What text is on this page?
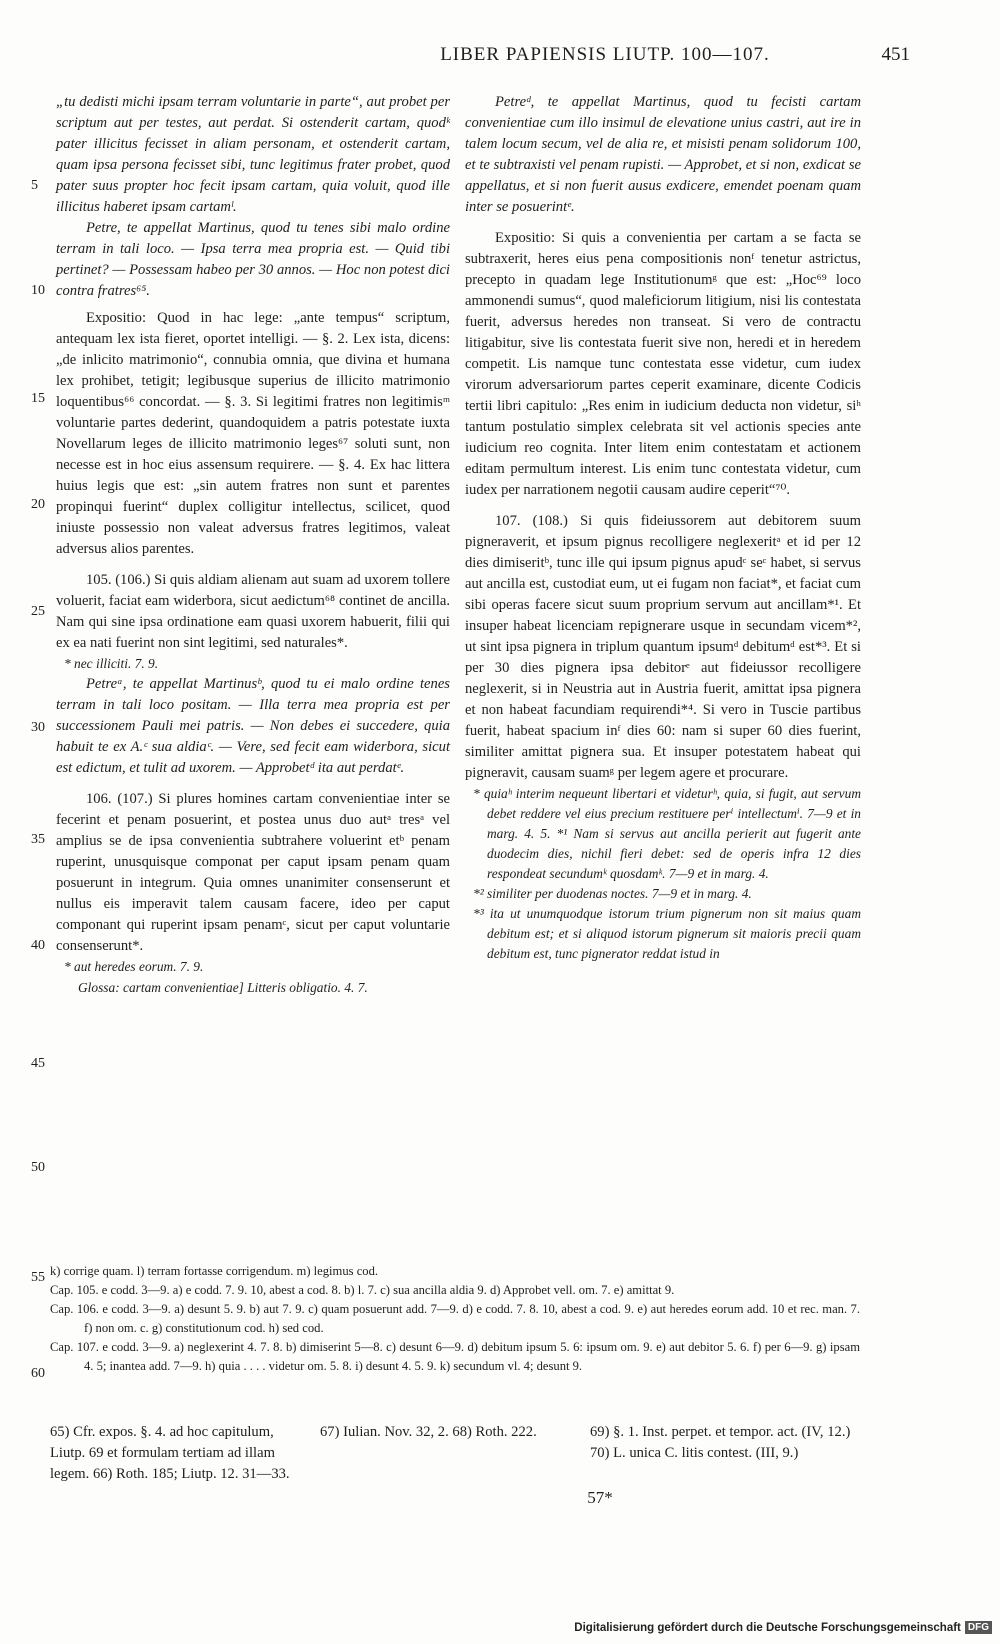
LIBER PAPIENSIS LIUTP. 100—107.	451
5
10
15
20
25
30
35
40
45
50
55
60

„tu dedisti michi ipsam terram voluntarie in parte“, aut probet per scriptum aut per testes, aut perdat. Si ostenderit cartam, quodᵏ pater illicitus fecisset in aliam personam, et ostenderit cartam, quam ipsa persona fecisset sibi, tunc legitimus frater probet, quod pater suus propter hoc fecit ipsam cartam, quia voluit, quod ille illicitus haberet ipsam cartamˡ.

Petre, te appellat Martinus, quod tu tenes sibi malo ordine terram in tali loco. — Ipsa terra mea propria est. — Quid tibi pertinet? — Possessam habeo per 30 annos. — Hoc non potest dici contra fratres⁶⁵.

Expositio: Quod in hac lege: „ante tempus“ scriptum, antequam lex ista fieret, oportet intelligi. — §. 2. Lex ista, dicens: „de inlicito matrimonio“, connubia omnia, que divina et humana lex prohibet, tetigit; legibusque superius de illicito matrimonio loquentibus⁶⁶ concordat. — §. 3. Si legitimi fratres non legitimisᵐ voluntarie partes dederint, quandoquidem a patris potestate iuxta Novellarum leges de illicito matrimonio leges⁶⁷ soluti sunt, non necesse est in hoc eius assensum requirere. — §. 4. Ex hac littera huius legis que est: „sin autem fratres non sunt et parentes propinqui fuerint“ duplex colligitur intellectus, scilicet, quod iniuste possessio non valeat adversus fratres legitimos, valeat adversus alios parentes.

105. (106.) Si quis aldiam alienam aut suam ad uxorem tollere voluerit, faciat eam widerbora, sicut aedictum⁶⁸ continet de ancilla. Nam qui sine ipsa ordinatione eam quasi uxorem habuerit, filii qui ex ea nati fuerint non sint legitimi, sed naturales*.

* nec illiciti. 7. 9.

Petreᵃ, te appellat Martinusᵇ, quod tu ei malo ordine tenes terram in tali loco positam. — Illa terra mea propria est per successionem Pauli mei patris. — Non debes ei succedere, quia habuit te ex A.ᶜ sua aldiaᶜ. — Vere, sed fecit eam widerbora, sicut est edictum, et tulit ad uxorem. — Approbetᵈ ita aut perdatᵉ.

106. (107.) Si plures homines cartam convenientiae inter se fecerint et penam posuerint, et postea unus duo autᵃ tresᵃ vel amplius se de ipsa convenientia subtrahere voluerint etᵇ penam ruperint, unusquisque componat per caput ipsam penam quam posuerunt in integrum. Quia omnes unanimiter consenserunt et nullus eis imperavit talem causam facere, ideo per caput componant qui ruperint ipsam penamᶜ, sicut per caput voluntarie consenserunt*.

* aut heredes eorum. 7. 9.

Glossa: cartam convenientiae] Litteris obligatio. 4. 7.

Petreᵈ, te appellat Martinus, quod tu fecisti cartam convenientiae cum illo insimul de elevatione unius castri, aut ire in talem locum secum, vel de alia re, et misisti penam solidorum 100, et te subtraxisti vel penam rupisti. — Approbet, et si non, exdicat se appellatus, et si non fuerit ausus exdicere, emendet poenam quam inter se posuerintᵉ.

Expositio: Si quis a convenientia per cartam a se facta se subtraxerit, heres eius pena compositionis nonᶠ tenetur astrictus, precepto in quadam lege Institutionumᵍ que est: „Hoc⁶⁹ loco ammonendi sumus“, quod maleficiorum litigium, nisi lis contestata fuerit, adversus heredes non transeat. Si vero de contractu litigabitur, sive lis contestata fuerit sive non, heredi et in heredem competit. Lis namque tunc contestata esse videtur, cum iudex virorum adversariorum partes ceperit examinare, dicente Codicis tertii libri capitulo: „Res enim in iudicium deducta non videtur, siʰ tantum postulatio simplex celebrata sit vel actionis species ante iudicium reo cognita. Inter litem enim contestatam et actionem editam permultum interest. Lis enim tunc contestata videtur, cum iudex per narrationem negotii causam audire ceperit“⁷⁰.

107. (108.) Si quis fideiussorem aut debitorem suum pigneraverit, et ipsum pignus recolligere neglexeritᵃ et id per 12 dies dimiseritᵇ, tunc ille qui ipsum pignus apudᶜ seᶜ habet, si servus aut ancilla est, custodiat eum, ut ei fugam non faciat*, et faciat cum sibi operas facere sicut suum proprium servum aut ancillam*¹. Et insuper habeat licenciam repignerare usque in secundam vicem*², ut sint ipsa pignera in triplum quantum ipsumᵈ debitumᵈ est*³. Et si per 30 dies pignera ipsa debitorᵉ aut fideiussor recolligere neglexerit, si in Neustria aut in Austria fuerit, amittat ipsa pignera et non habeat facundiam requirendi*⁴. Si vero in Tuscie partibus fuerit, habeat spacium inᶠ dies 60: nam si super 60 dies fuerint, similiter amittat pignera sua. Et insuper potestatem habeat qui pigneravit, causam suamᵍ per legem agere et procurare.

* quiaʰ interim nequeunt libertari et videturʰ, quia, si fugit, aut servum debet reddere vel eius precium restituere perⁱ intellectumⁱ. 7—9 et in marg. 4. 5. *¹ Nam si servus aut ancilla perierit aut fugerit ante duodecim dies, nichil fieri debet: sed de operis infra 12 dies respondeat secundumᵏ quosdamᵏ. 7—9 et in marg. 4.

*² similiter per duodenas noctes. 7—9 et in marg. 4.

*³ ita ut unumquodque istorum trium pignerum non sit maius quam debitum est; et si aliquod istorum pignerum sit maioris precii quam debitum est, tunc pignerator reddat istud in

k) corrige quam. l) terram fortasse corrigendum. m) legimus cod.

Cap. 105. e codd. 3—9. a) e codd. 7. 9. 10, abest a cod. 8. b) l. 7. c) sua ancilla aldia 9. d) Approbet vell. om. 7. e) amittat 9.

Cap. 106. e codd. 3—9. a) desunt 5. 9. b) aut 7. 9. c) quam posuerunt add. 7—9. d) e codd. 7. 8. 10, abest a cod. 9. e) aut heredes eorum add. 10 et rec. man. 7. f) non om. c. g) constitutionum cod. h) sed cod.

Cap. 107. e codd. 3—9. a) neglexerint 4. 7. 8. b) dimiserint 5—8. c) desunt 6—9. d) debitum ipsum 5. 6: ipsum om. 9. e) aut debitor 5. 6. f) per 6—9. g) ipsam 4. 5; inantea add. 7—9. h) quia . . . . videtur om. 5. 8. i) desunt 4. 5. 9. k) secundum vl. 4; desunt 9.

65) Cfr. expos. §. 4. ad hoc capitulum, Liutp. 69 et formulam tertiam ad illam legem. 66) Roth. 185; Liutp. 12. 31—33.
67) Iulian. Nov. 32, 2. 68) Roth. 222.	69) §. 1. Inst. perpet. et tempor. act. (IV, 12.) 70) L. unica C. litis contest. (III, 9.)
57*
Digitalisierung gefördert durch die Deutsche Forschungsgemeinschaft DFG
